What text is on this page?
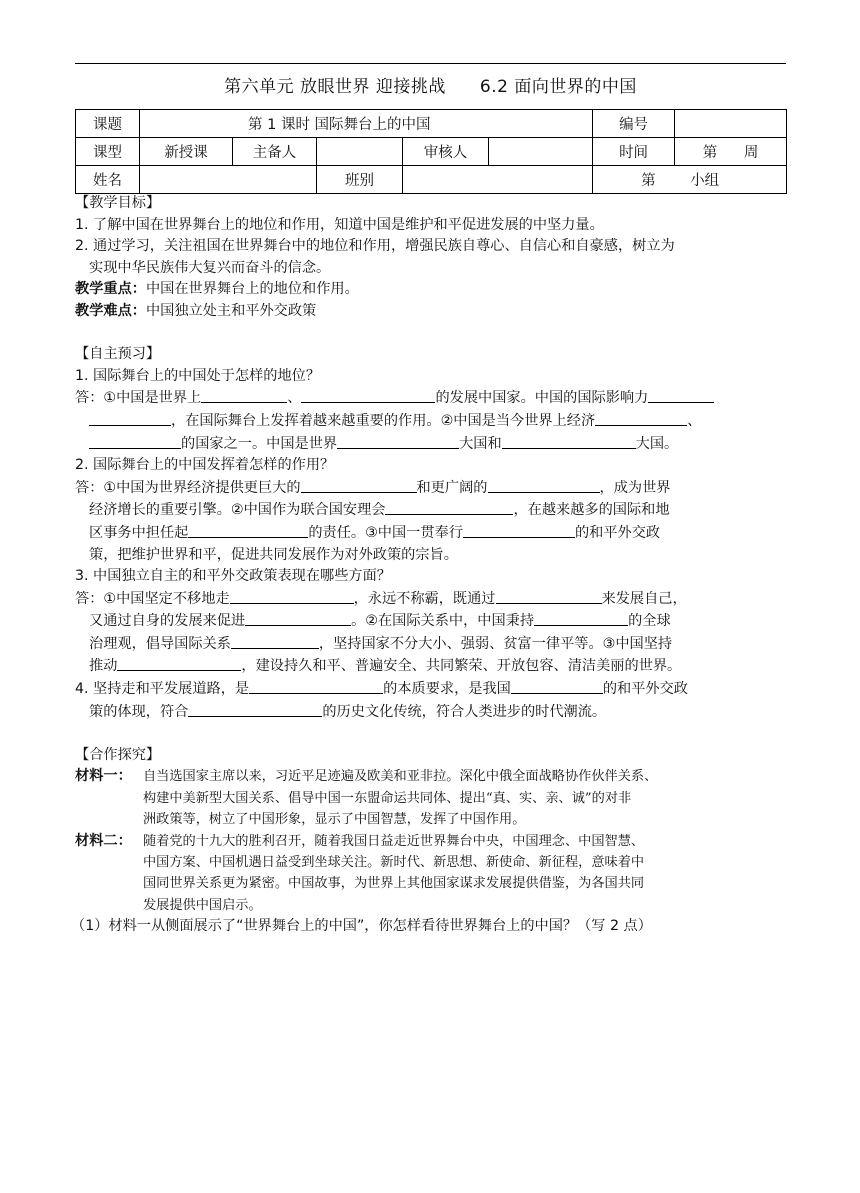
第六单元 放眼世界 迎接挑战 6.2 面向世界的中国
课题	第 1 课时 国际舞台上的中国					编号	
课型	新授课	主备人		审核人		时间	第 周
姓名			班别			第 小组	

【教学目标】

1. 了解中国在世界舞台上的地位和作用，知道中国是维护和平促进发展的中坚力量。

2. 通过学习，关注祖国在世界舞台中的地位和作用，增强民族自尊心、自信心和自豪感，树立为

实现中华民族伟大复兴而奋斗的信念。

教学重点：中国在世界舞台上的地位和作用。

教学难点：中国独立处主和平外交政策

【自主预习】

1. 国际舞台上的中国处于怎样的地位？

答：①中国是世界上	、	的发展中国家。中国的国际影响力

，在国际舞台上发挥着越来越重要的作用。②中国是当今世界上经济	、

的国家之一。中国是世界	大国和	大国。

2. 国际舞台上的中国发挥着怎样的作用？

答：①中国为世界经济提供更巨大的	和更广阔的	，成为世界

经济增长的重要引擎。②中国作为联合国安理会	，在越来越多的国际和地

区事务中担任起	的责任。③中国一贯奉行	的和平外交政

策，把维护世界和平，促进共同发展作为对外政策的宗旨。

3. 中国独立自主的和平外交政策表现在哪些方面？

答：①中国坚定不移地走	，永远不称霸，既通过	来发展自己，

又通过自身的发展来促进	。②在国际关系中，中国秉持	的全球

治理观，倡导国际关系	，坚持国家不分大小、强弱、贫富一律平等。③中国坚持

推动	，建设持久和平、普遍安全、共同繁荣、开放包容、清洁美丽的世界。

4. 坚持走和平发展道路，是	的本质要求，是我国	的和平外交政

策的体现，符合	的历史文化传统，符合人类进步的时代潮流。

【合作探究】

材料一： 自当选国家主席以来，习近平足迹遍及欧美和亚非拉。深化中俄全面战略协作伙伴关系、
构建中美新型大国关系、倡导中国一东盟命运共同体、提出“真、实、亲、诚”的对非
洲政策等，树立了中国形象，显示了中国智慧，发挥了中国作用。
材料二： 随着党的十九大的胜利召开，随着我国日益走近世界舞台中央，中国理念、中国智慧、
中国方案、中国机遇日益受到坐球关注。新时代、新思想、新使命、新征程，意味着中
国同世界关系更为紧密。中国故事，为世界上其他国家谋求发展提供借鉴，为各国共同
发展提供中国启示。

（1）材料一从侧面展示了“世界舞台上的中国”，你怎样看待世界舞台上的中国？（写 2 点）
